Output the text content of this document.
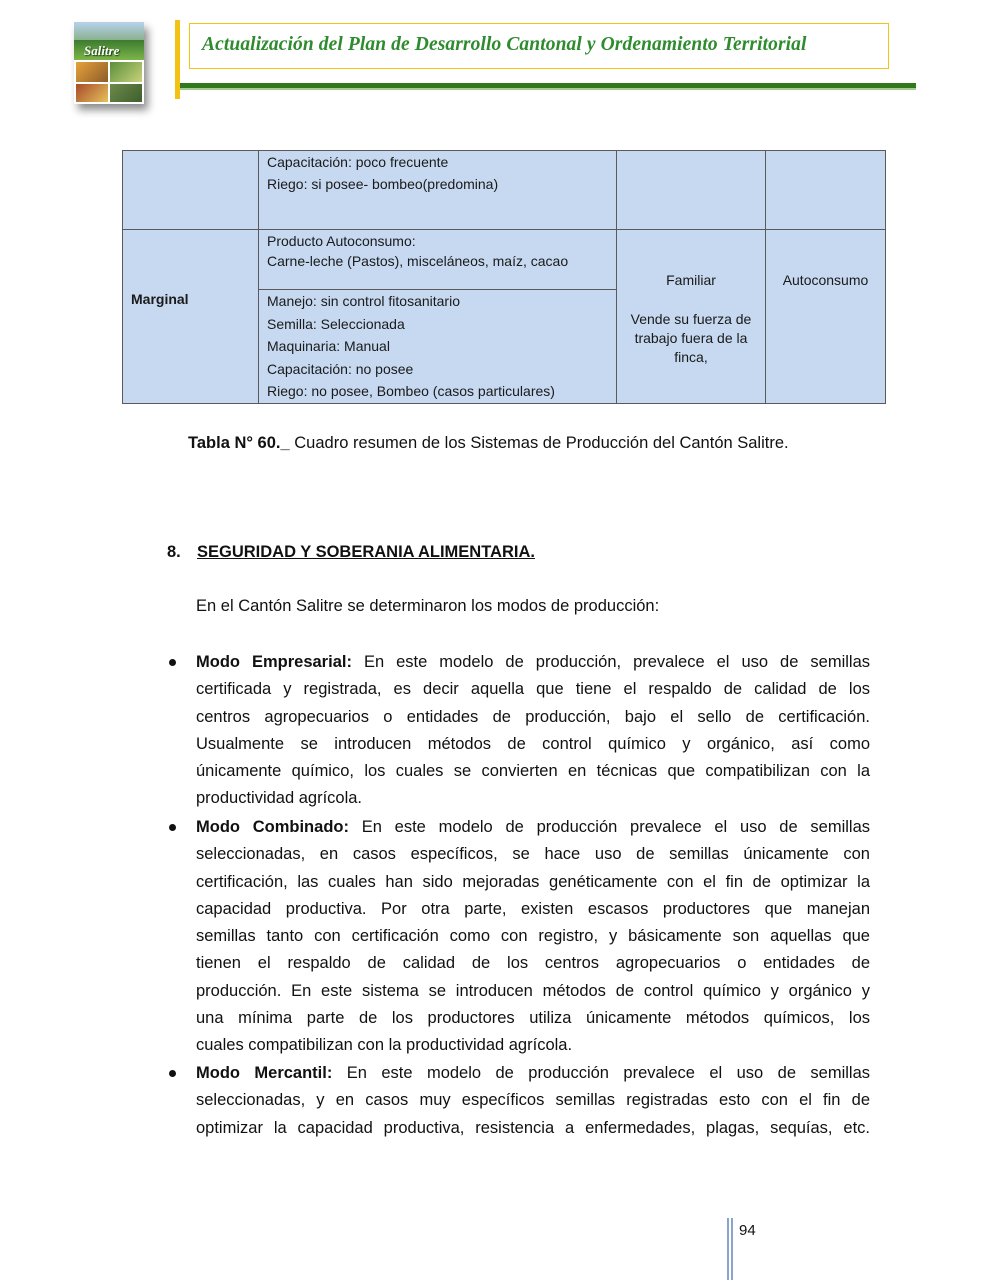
Salitre	Actualización del Plan de Desarrollo Cantonal y Ordenamiento Territorial
Capacitación: poco frecuente
Riego: si posee- bombeo(predomina)
Marginal
Producto Autoconsumo:
Carne-leche (Pastos), misceláneos, maíz, cacao
Manejo: sin control fitosanitario
Semilla: Seleccionada
Maquinaria: Manual
Capacitación: no posee
Riego: no posee, Bombeo (casos particulares)
Familiar
Vende su fuerza de
trabajo fuera de la
finca,
Autoconsumo
Tabla N° 60._ Cuadro resumen de los Sistemas de Producción del Cantón Salitre.
8. SEGURIDAD Y SOBERANIA ALIMENTARIA.
En el Cantón Salitre se determinaron los modos de producción:
Modo Empresarial: En este modelo de producción, prevalece el uso de semillas
certificada y registrada, es decir aquella que tiene el respaldo de calidad de los
centros agropecuarios o entidades de producción, bajo el sello de certificación.
Usualmente se introducen métodos de control químico y orgánico, así como
únicamente químico, los cuales se convierten en técnicas que compatibilizan con la
productividad agrícola.
Modo Combinado: En este modelo de producción prevalece el uso de semillas
seleccionadas, en casos específicos, se hace uso de semillas únicamente con
certificación, las cuales han sido mejoradas genéticamente con el fin de optimizar la
capacidad productiva. Por otra parte, existen escasos productores que manejan
semillas tanto con certificación como con registro, y básicamente son aquellas que
tienen el respaldo de calidad de los centros agropecuarios o entidades de
producción. En este sistema se introducen métodos de control químico y orgánico y
una mínima parte de los productores utiliza únicamente métodos químicos, los
cuales compatibilizan con la productividad agrícola.
Modo Mercantil: En este modelo de producción prevalece el uso de semillas
seleccionadas, y en casos muy específicos semillas registradas esto con el fin de
optimizar la capacidad productiva, resistencia a enfermedades, plagas, sequías, etc.
94
